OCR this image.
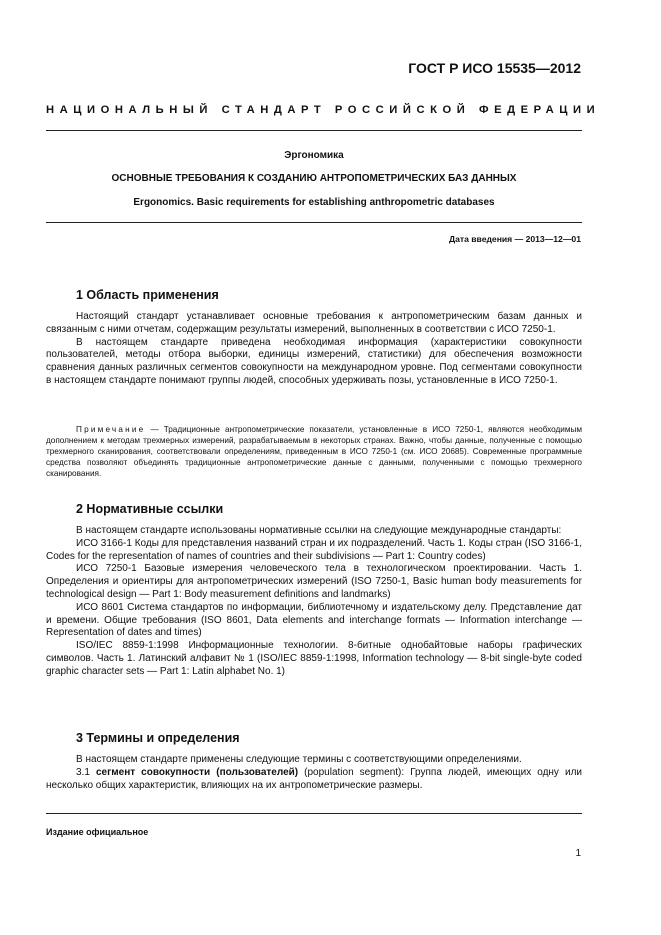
ГОСТ Р ИСО 15535—2012
НАЦИОНАЛЬНЫЙ СТАНДАРТ РОССИЙСКОЙ ФЕДЕРАЦИИ
Эргономика
ОСНОВНЫЕ ТРЕБОВАНИЯ К СОЗДАНИЮ АНТРОПОМЕТРИЧЕСКИХ БАЗ ДАННЫХ
Ergonomics. Basic requirements for establishing anthropometric databases
Дата введения — 2013—12—01
1 Область применения

Настоящий стандарт устанавливает основные требования к антропометрическим базам данных и связанным с ними отчетам, содержащим результаты измерений, выполненных в соответствии с ИСО 7250-1.

В настоящем стандарте приведена необходимая информация (характеристики совокупности пользователей, методы отбора выборки, единицы измерений, статистики) для обеспечения возможности сравнения данных различных сегментов совокупности на международном уровне. Под сегментами совокупности в настоящем стандарте понимают группы людей, способных удерживать позы, установленные в ИСО 7250-1.

Примечание — Традиционные антропометрические показатели, установленные в ИСО 7250-1, являются необходимым дополнением к методам трехмерных измерений, разрабатываемым в некоторых странах. Важно, чтобы данные, полученные с помощью трехмерного сканирования, соответствовали определениям, приведенным в ИСО 7250-1 (см. ИСО 20685). Современные программные средства позволяют объединять традиционные антропометрические данные с данными, полученными с помощью трехмерного сканирования.

2 Нормативные ссылки

В настоящем стандарте использованы нормативные ссылки на следующие международные стандарты:

ИСО 3166-1 Коды для представления названий стран и их подразделений. Часть 1. Коды стран (ISO 3166-1, Codes for the representation of names of countries and their subdivisions — Part 1: Country codes)

ИСО 7250-1 Базовые измерения человеческого тела в технологическом проектировании. Часть 1. Определения и ориентиры для антропометрических измерений (ISO 7250-1, Basic human body measurements for technological design — Part 1: Body measurement definitions and landmarks)

ИСО 8601 Система стандартов по информации, библиотечному и издательскому делу. Представление дат и времени. Общие требования (ISO 8601, Data elements and interchange formats — Information interchange — Representation of dates and times)

ISO/IEC 8859-1:1998 Информационные технологии. 8-битные однобайтовые наборы графических символов. Часть 1. Латинский алфавит № 1 (ISO/IEC 8859-1:1998, Information technology — 8-bit single-byte coded graphic character sets — Part 1: Latin alphabet No. 1)

3 Термины и определения

В настоящем стандарте применены следующие термины с соответствующими определениями.

3.1 сегмент совокупности (пользователей) (population segment): Группа людей, имеющих одну или несколько общих характеристик, влияющих на их антропометрические размеры.

Издание официальное
1
